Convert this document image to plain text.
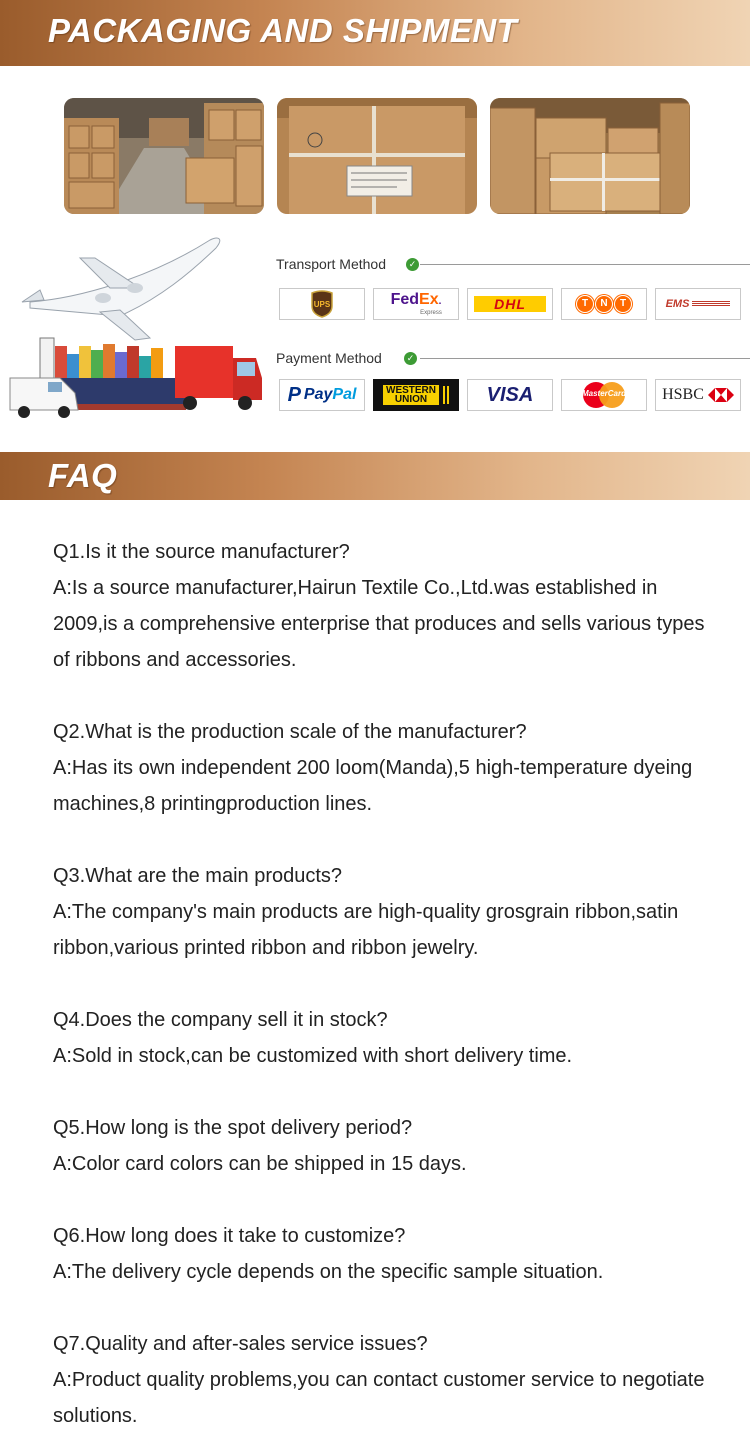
PACKAGING AND SHIPMENT
Transport Method	✓
UPS	FedEx.
Express
DHL	T	N	T	EMS
Payment Method	✓
P PayPal	WESTERN
UNION	VISA	MasterCard HSBC
FAQ

Q1.Is it the source manufacturer?

A:Is a source manufacturer,Hairun Textile Co.,Ltd.was established in 2009,is a comprehensive enterprise that produces and sells various types of ribbons and accessories.

Q2.What is the production scale of the manufacturer?

A:Has its own independent 200 loom(Manda),5 high-temperature dyeing machines,8 printingproduction lines.

Q3.What are the main products?

A:The company's main products are high-quality grosgrain ribbon,satin ribbon,various printed ribbon and ribbon jewelry.

Q4.Does the company sell it in stock?

A:Sold in stock,can be customized with short delivery time.

Q5.How long is the spot delivery period?

A:Color card colors can be shipped in 15 days.

Q6.How long does it take to customize?

A:The delivery cycle depends on the specific sample situation.

Q7.Quality and after-sales service issues?

A:Product quality problems,you can contact customer service to negotiate solutions.
